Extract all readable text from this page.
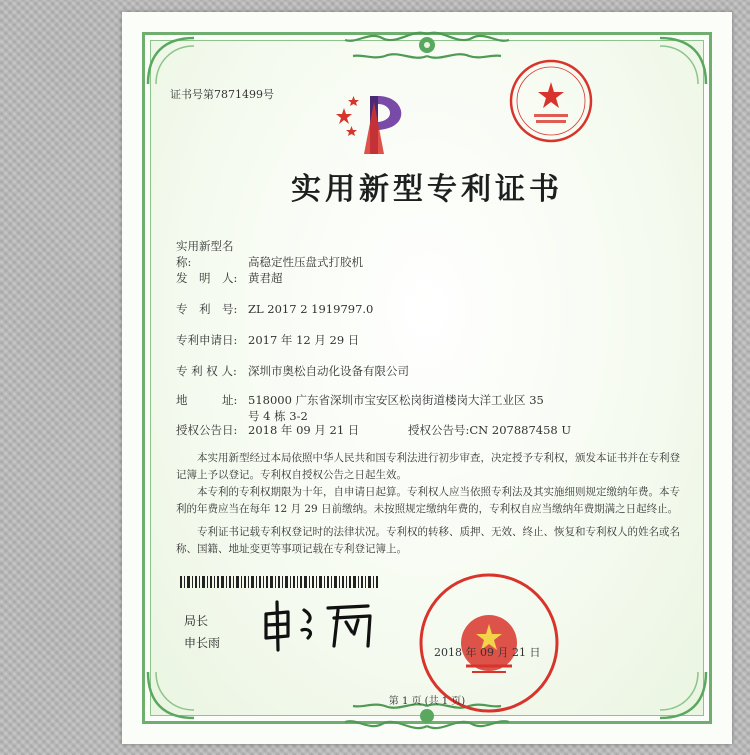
证书号第7871499号
实用新型专利证书
实用新型名称:	高稳定性压盘式打胶机
发　明　人: 黄君超
专　利　号: ZL 2017 2 1919797.0
专利申请日: 2017 年 12 月 29 日
专 利 权 人: 深圳市奥松自动化设备有限公司
地　　　址: 518000 广东省深圳市宝安区松岗街道楼岗大洋工业区 35
号 4 栋 3-2
授权公告日: 2018 年 09 月 21 日	授权公告号:CN 207887458 U

本实用新型经过本局依照中华人民共和国专利法进行初步审查，决定授予专利权，颁发本证书并在专利登记簿上予以登记。专利权自授权公告之日起生效。

本专利的专利权期限为十年，自申请日起算。专利权人应当依照专利法及其实施细则规定缴纳年费。本专利的年费应当在每年 12 月 29 日前缴纳。未按照规定缴纳年费的，专利权自应当缴纳年费期满之日起终止。

专利证书记载专利权登记时的法律状况。专利权的转移、质押、无效、终止、恢复和专利权人的姓名或名称、国籍、地址变更等事项记载在专利登记簿上。

局长
申长雨
2018 年 09 月 21 日
第 1 页 (共 1 页)
